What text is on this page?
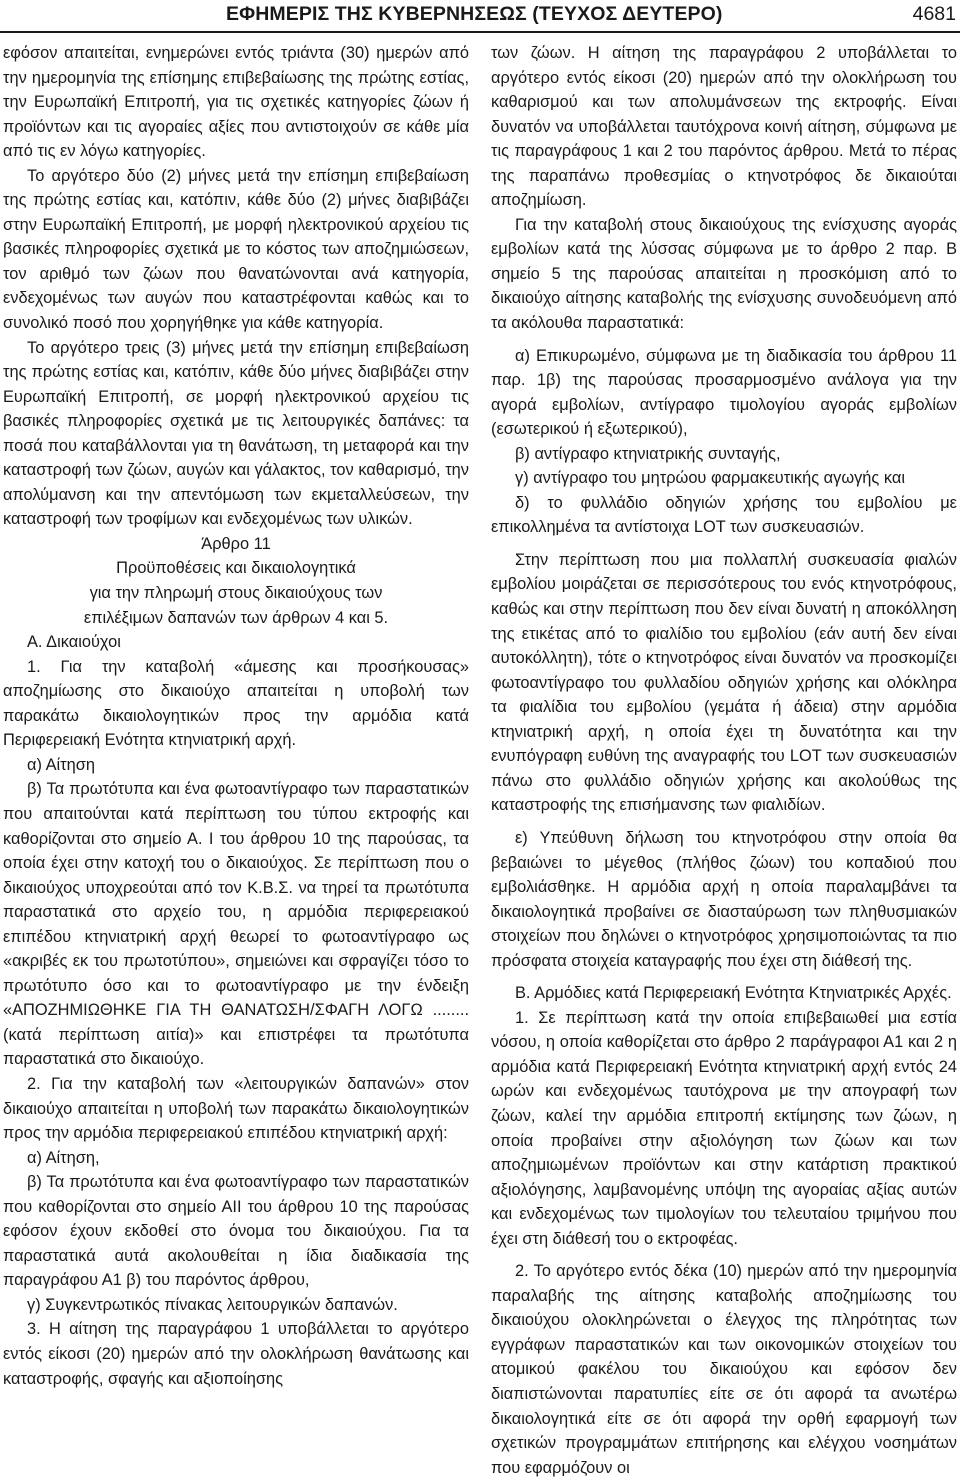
ΕΦΗΜΕΡΙΣ ΤΗΣ ΚΥΒΕΡΝΗΣΕΩΣ (ΤΕΥΧΟΣ ΔΕΥΤΕΡΟ)	4681

εφόσον απαιτείται, ενημερώνει εντός τριάντα (30) ημερών από την ημερομηνία της επίσημης επιβεβαίωσης της πρώτης εστίας, την Ευρωπαϊκή Επιτροπή, για τις σχετικές κατηγορίες ζώων ή προϊόντων και τις αγοραίες αξίες που αντιστοιχούν σε κάθε μία από τις εν λόγω κατηγορίες.

Το αργότερο δύο (2) μήνες μετά την επίσημη επιβεβαίωση της πρώτης εστίας και, κατόπιν, κάθε δύο (2) μήνες διαβιβάζει στην Ευρωπαϊκή Επιτροπή, με μορφή ηλεκτρονικού αρχείου τις βασικές πληροφορίες σχετικά με το κόστος των αποζημιώσεων, τον αριθμό των ζώων που θανατώνονται ανά κατηγορία, ενδεχομένως των αυγών που καταστρέφονται καθώς και το συνολικό ποσό που χορηγήθηκε για κάθε κατηγορία.

Το αργότερο τρεις (3) μήνες μετά την επίσημη επιβεβαίωση της πρώτης εστίας και, κατόπιν, κάθε δύο μήνες διαβιβάζει στην Ευρωπαϊκή Επιτροπή, σε μορφή ηλεκτρονικού αρχείου τις βασικές πληροφορίες σχετικά με τις λειτουργικές δαπάνες: τα ποσά που καταβάλλονται για τη θανάτωση, τη μεταφορά και την καταστροφή των ζώων, αυγών και γάλακτος, τον καθαρισμό, την απολύμανση και την απεντόμωση των εκμεταλλεύσεων, την καταστροφή των τροφίμων και ενδεχομένως των υλικών.

Άρθρο 11

Προϋποθέσεις και δικαιολογητικά

για την πληρωμή στους δικαιούχους των

επιλέξιμων δαπανών των άρθρων 4 και 5.

Α. Δικαιούχοι

1. Για την καταβολή «άμεσης και προσήκουσας» αποζημίωσης στο δικαιούχο απαιτείται η υποβολή των παρακάτω δικαιολογητικών προς την αρμόδια κατά Περιφερειακή Ενότητα κτηνιατρική αρχή.

α) Αίτηση

β) Τα πρωτότυπα και ένα φωτοαντίγραφο των παραστατικών που απαιτούνται κατά περίπτωση του τύπου εκτροφής και καθορίζονται στο σημείο Α. I του άρθρου 10 της παρούσας, τα οποία έχει στην κατοχή του ο δικαιούχος. Σε περίπτωση που ο δικαιούχος υποχρεούται από τον Κ.Β.Σ. να τηρεί τα πρωτότυπα παραστατικά στο αρχείο του, η αρμόδια περιφερειακού επιπέδου κτηνιατρική αρχή θεωρεί το φωτοαντίγραφο ως «ακριβές εκ του πρωτοτύπου», σημειώνει και σφραγίζει τόσο το πρωτότυπο όσο και το φωτοαντίγραφο με την ένδειξη «ΑΠΟΖΗΜΙΩΘΗΚΕ ΓΙΑ ΤΗ ΘΑΝΑΤΩΣΗ/ΣΦΑΓΗ ΛΟΓΩ ........ (κατά περίπτωση αιτία)» και επιστρέφει τα πρωτότυπα παραστατικά στο δικαιούχο.

2. Για την καταβολή των «λειτουργικών δαπανών» στον δικαιούχο απαιτείται η υποβολή των παρακάτω δικαιολογητικών προς την αρμόδια περιφερειακού επιπέδου κτηνιατρική αρχή:

α) Αίτηση,

β) Τα πρωτότυπα και ένα φωτοαντίγραφο των παραστατικών που καθορίζονται στο σημείο ΑΙΙ του άρθρου 10 της παρούσας εφόσον έχουν εκδοθεί στο όνομα του δικαιούχου. Για τα παραστατικά αυτά ακολουθείται η ίδια διαδικασία της παραγράφου Α1 β) του παρόντος άρθρου,

γ) Συγκεντρωτικός πίνακας λειτουργικών δαπανών.

3. Η αίτηση της παραγράφου 1 υποβάλλεται το αργότερο εντός είκοσι (20) ημερών από την ολοκλήρωση θανάτωσης και καταστροφής, σφαγής και αξιοποίησης

των ζώων. Η αίτηση της παραγράφου 2 υποβάλλεται το αργότερο εντός είκοσι (20) ημερών από την ολοκλήρωση του καθαρισμού και των απολυμάνσεων της εκτροφής. Είναι δυνατόν να υποβάλλεται ταυτόχρονα κοινή αίτηση, σύμφωνα με τις παραγράφους 1 και 2 του παρόντος άρθρου. Μετά το πέρας της παραπάνω προθεσμίας ο κτηνοτρόφος δε δικαιούται αποζημίωση.

Για την καταβολή στους δικαιούχους της ενίσχυσης αγοράς εμβολίων κατά της λύσσας σύμφωνα με το άρθρο 2 παρ. Β σημείο 5 της παρούσας απαιτείται η προσκόμιση από το δικαιούχο αίτησης καταβολής της ενίσχυσης συνοδευόμενη από τα ακόλουθα παραστατικά:

α) Επικυρωμένο, σύμφωνα με τη διαδικασία του άρθρου 11 παρ. 1β) της παρούσας προσαρμοσμένο ανάλογα για την αγορά εμβολίων, αντίγραφο τιμολογίου αγοράς εμβολίων (εσωτερικού ή εξωτερικού),

β) αντίγραφο κτηνιατρικής συνταγής,

γ) αντίγραφο του μητρώου φαρμακευτικής αγωγής και

δ) το φυλλάδιο οδηγιών χρήσης του εμβολίου με επικολλημένα τα αντίστοιχα LOT των συσκευασιών.

Στην περίπτωση που μια πολλαπλή συσκευασία φιαλών εμβολίου μοιράζεται σε περισσότερους του ενός κτηνοτρόφους, καθώς και στην περίπτωση που δεν είναι δυνατή η αποκόλληση της ετικέτας από το φιαλίδιο του εμβολίου (εάν αυτή δεν είναι αυτοκόλλητη), τότε ο κτηνοτρόφος είναι δυνατόν να προσκομίζει φωτοαντίγραφο του φυλλαδίου οδηγιών χρήσης και ολόκληρα τα φιαλίδια του εμβολίου (γεμάτα ή άδεια) στην αρμόδια κτηνιατρική αρχή, η οποία έχει τη δυνατότητα και την ενυπόγραφη ευθύνη της αναγραφής του LOT των συσκευασιών πάνω στο φυλλάδιο οδηγιών χρήσης και ακολούθως της καταστροφής της επισήμανσης των φιαλιδίων.

ε) Υπεύθυνη δήλωση του κτηνοτρόφου στην οποία θα βεβαιώνει το μέγεθος (πλήθος ζώων) του κοπαδιού που εμβολιάσθηκε. Η αρμόδια αρχή η οποία παραλαμβάνει τα δικαιολογητικά προβαίνει σε διασταύρωση των πληθυσμιακών στοιχείων που δηλώνει ο κτηνοτρόφος χρησιμοποιώντας τα πιο πρόσφατα στοιχεία καταγραφής που έχει στη διάθεσή της.

Β. Αρμόδιες κατά Περιφερειακή Ενότητα Κτηνιατρικές Αρχές.

1. Σε περίπτωση κατά την οποία επιβεβαιωθεί μια εστία νόσου, η οποία καθορίζεται στο άρθρο 2 παράγραφοι Α1 και 2 η αρμόδια κατά Περιφερειακή Ενότητα κτηνιατρική αρχή εντός 24 ωρών και ενδεχομένως ταυτόχρονα με την απογραφή των ζώων, καλεί την αρμόδια επιτροπή εκτίμησης των ζώων, η οποία προβαίνει στην αξιολόγηση των ζώων και των αποζημιωμένων προϊόντων και στην κατάρτιση πρακτικού αξιολόγησης, λαμβανομένης υπόψη της αγοραίας αξίας αυτών και ενδεχομένως των τιμολογίων του τελευταίου τριμήνου που έχει στη διάθεσή του ο εκτροφέας.

2. Το αργότερο εντός δέκα (10) ημερών από την ημερομηνία παραλαβής της αίτησης καταβολής αποζημίωσης του δικαιούχου ολοκληρώνεται ο έλεγχος της πληρότητας των εγγράφων παραστατικών και των οικονομικών στοιχείων του ατομικού φακέλου του δικαιούχου και εφόσον δεν διαπιστώνονται παρατυπίες είτε σε ότι αφορά τα ανωτέρω δικαιολογητικά είτε σε ότι αφορά την ορθή εφαρμογή των σχετικών προγραμμάτων επιτήρησης και ελέγχου νοσημάτων που εφαρμόζουν οι
